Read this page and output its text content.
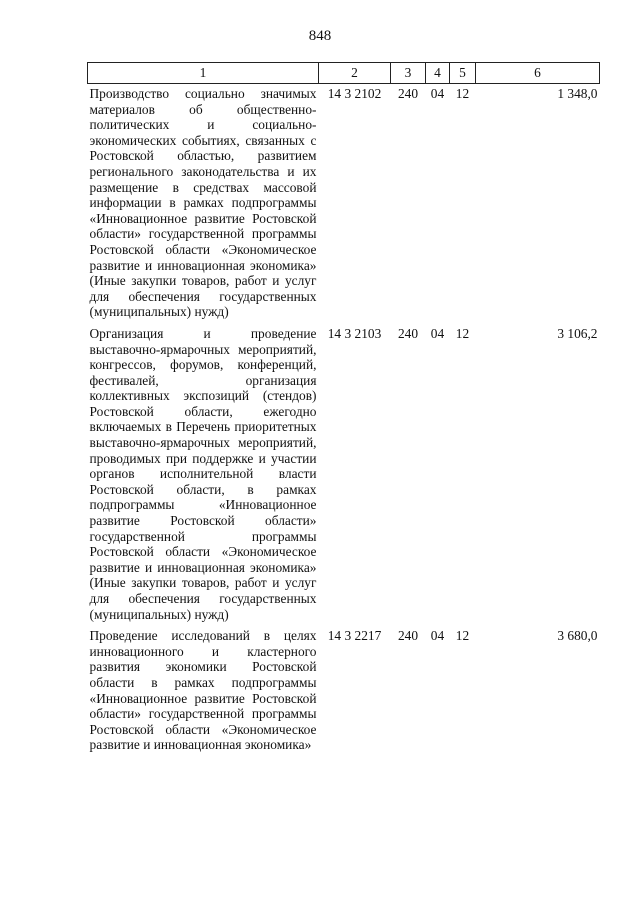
848
1	2	3	4	5	6
Производство социально значимых материалов об общественно-политических и социально-экономических событиях, связанных с Ростовской областью, развитием регионального законодательства и их размещение в средствах массовой информации в рамках подпрограммы «Инновационное развитие Ростовской области» государственной программы Ростовской области «Экономическое развитие и инновационная экономика» (Иные закупки товаров, работ и услуг для обеспечения государственных (муниципальных) нужд)	14 3 2102	240	04	12	1 348,0
Организация и проведение выставочно-ярмарочных мероприятий, конгрессов, форумов, конференций, фестивалей, организация коллективных экспозиций (стендов) Ростовской области, ежегодно включаемых в Перечень приоритетных выставочно-ярмарочных мероприятий, проводимых при поддержке и участии органов исполнительной власти Ростовской области, в рамках подпрограммы «Инновационное развитие Ростовской области» государственной программы Ростовской области «Экономическое развитие и инновационная экономика» (Иные закупки товаров, работ и услуг для обеспечения государственных (муниципальных) нужд)	14 3 2103	240	04	12	3 106,2
Проведение исследований в целях инновационного и кластерного развития экономики Ростовской области в рамках подпрограммы «Инновационное развитие Ростовской области» государственной программы Ростовской области «Экономическое развитие и инновационная экономика»	14 3 2217	240	04	12	3 680,0
